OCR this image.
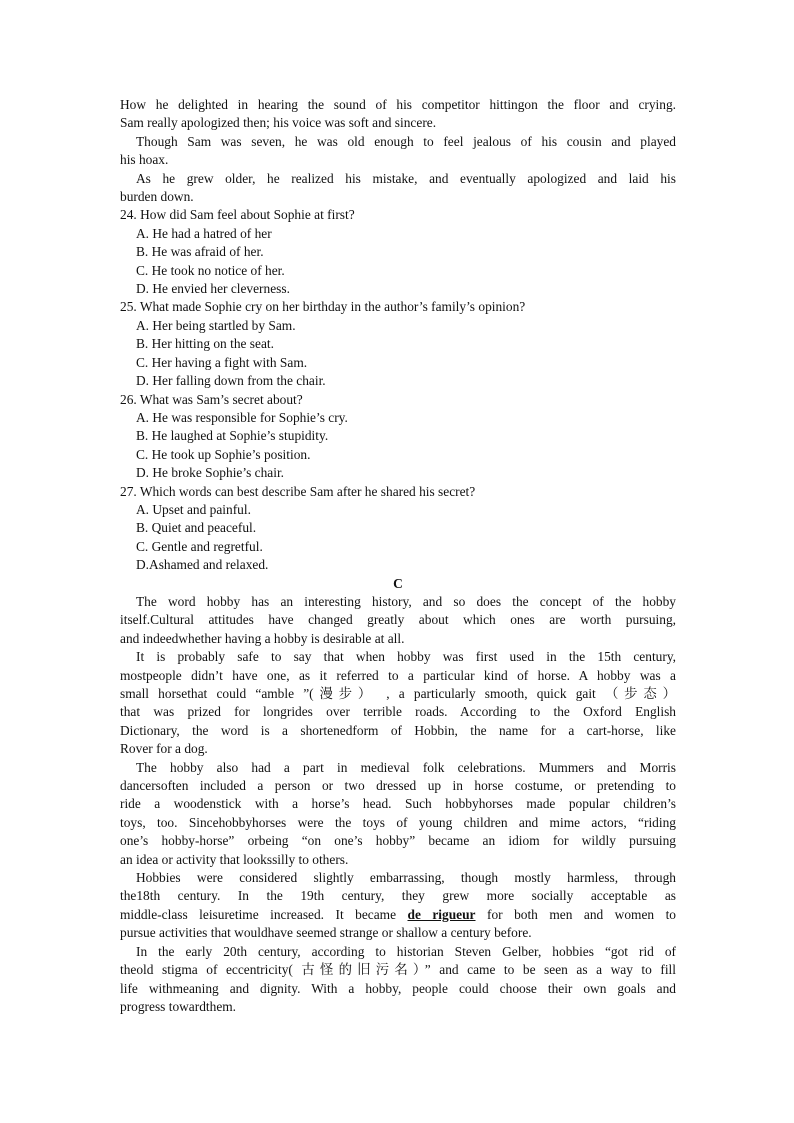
How he delighted in hearing the sound of his competitor hittingon the floor and crying.
Sam really apologized then; his voice was soft and sincere.
Though Sam was seven, he was old enough to feel jealous of his cousin and played
his hoax.
As he grew older, he realized his mistake, and eventually apologized and laid his
burden down.
24. How did Sam feel about Sophie at first?
A. He had a hatred of her
B. He was afraid of her.
C. He took no notice of her.
D. He envied her cleverness.
25. What made Sophie cry on her birthday in the author’s family’s opinion?
A. Her being startled by Sam.
B. Her hitting on the seat.
C. Her having a fight with Sam.
D. Her falling down from the chair.
26. What was Sam’s secret about?
A. He was responsible for Sophie’s cry.
B. He laughed at Sophie’s stupidity.
C. He took up Sophie’s position.
D. He broke Sophie’s chair.
27. Which words can best describe Sam after he shared his secret?
A. Upset and painful.
B. Quiet and peaceful.
C. Gentle and regretful.
D.Ashamed and relaxed.

C

The word hobby has an interesting history, and so does the concept of the hobby
itself.Cultural attitudes have changed greatly about which ones are worth pursuing,
and indeedwhether having a hobby is desirable at all.
It is probably safe to say that when hobby was first used in the 15th century,
mostpeople didn’t have one, as it referred to a particular kind of horse. A hobby was a
small horsethat could “amble ”(漫步） , a particularly smooth, quick gait （步态）
that was prized for longrides over terrible roads. According to the Oxford English
Dictionary, the word is a shortenedform of Hobbin, the name for a cart-horse, like
Rover for a dog.
The hobby also had a part in medieval folk celebrations. Mummers and Morris
dancersoften included a person or two dressed up in horse costume, or pretending to
ride a woodenstick with a horse’s head. Such hobbyhorses made popular children’s
toys, too. Sincehobbyhorses were the toys of young children and mime actors, “riding
one’s hobby-horse” orbeing “on one’s hobby” became an idiom for wildly pursuing
an idea or activity that lookssilly to others.
Hobbies were considered slightly embarrassing, though mostly harmless, through
the18th century. In the 19th century, they grew more socially acceptable as
middle-class leisuretime increased. It became de rigueur for both men and women to
pursue activities that wouldhave seemed strange or shallow a century before.
In the early 20th century, according to historian Steven Gelber, hobbies “got rid of
theold stigma of eccentricity( 古怪的旧污名）” and came to be seen as a way to fill
life withmeaning and dignity. With a hobby, people could choose their own goals and
progress towardthem.
